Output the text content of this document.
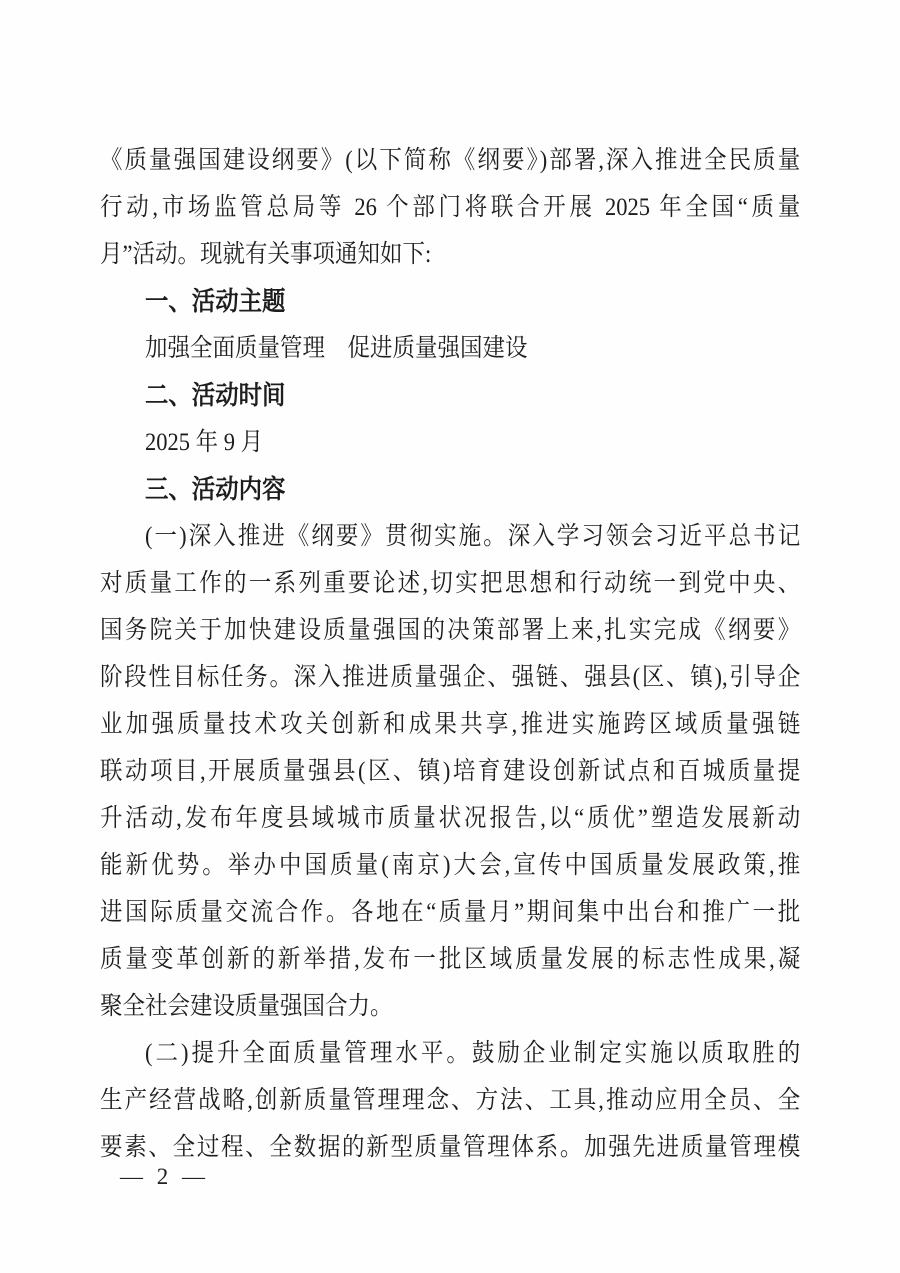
《质量强国建设纲要》(以下简称《纲要》)部署,深入推进全民质量
行动,市场监管总局等 26 个部门将联合开展 2025 年全国“质量
月”活动。现就有关事项通知如下:
一、活动主题
加强全面质量管理　促进质量强国建设
二、活动时间
2025 年 9 月
三、活动内容
(一)深入推进《纲要》贯彻实施。深入学习领会习近平总书记
对质量工作的一系列重要论述,切实把思想和行动统一到党中央、
国务院关于加快建设质量强国的决策部署上来,扎实完成《纲要》
阶段性目标任务。深入推进质量强企、强链、强县(区、镇),引导企
业加强质量技术攻关创新和成果共享,推进实施跨区域质量强链
联动项目,开展质量强县(区、镇)培育建设创新试点和百城质量提
升活动,发布年度县域城市质量状况报告,以“质优”塑造发展新动
能新优势。举办中国质量(南京)大会,宣传中国质量发展政策,推
进国际质量交流合作。各地在“质量月”期间集中出台和推广一批
质量变革创新的新举措,发布一批区域质量发展的标志性成果,凝
聚全社会建设质量强国合力。
(二)提升全面质量管理水平。鼓励企业制定实施以质取胜的
生产经营战略,创新质量管理理念、方法、工具,推动应用全员、全
要素、全过程、全数据的新型质量管理体系。加强先进质量管理模
— 2 —
